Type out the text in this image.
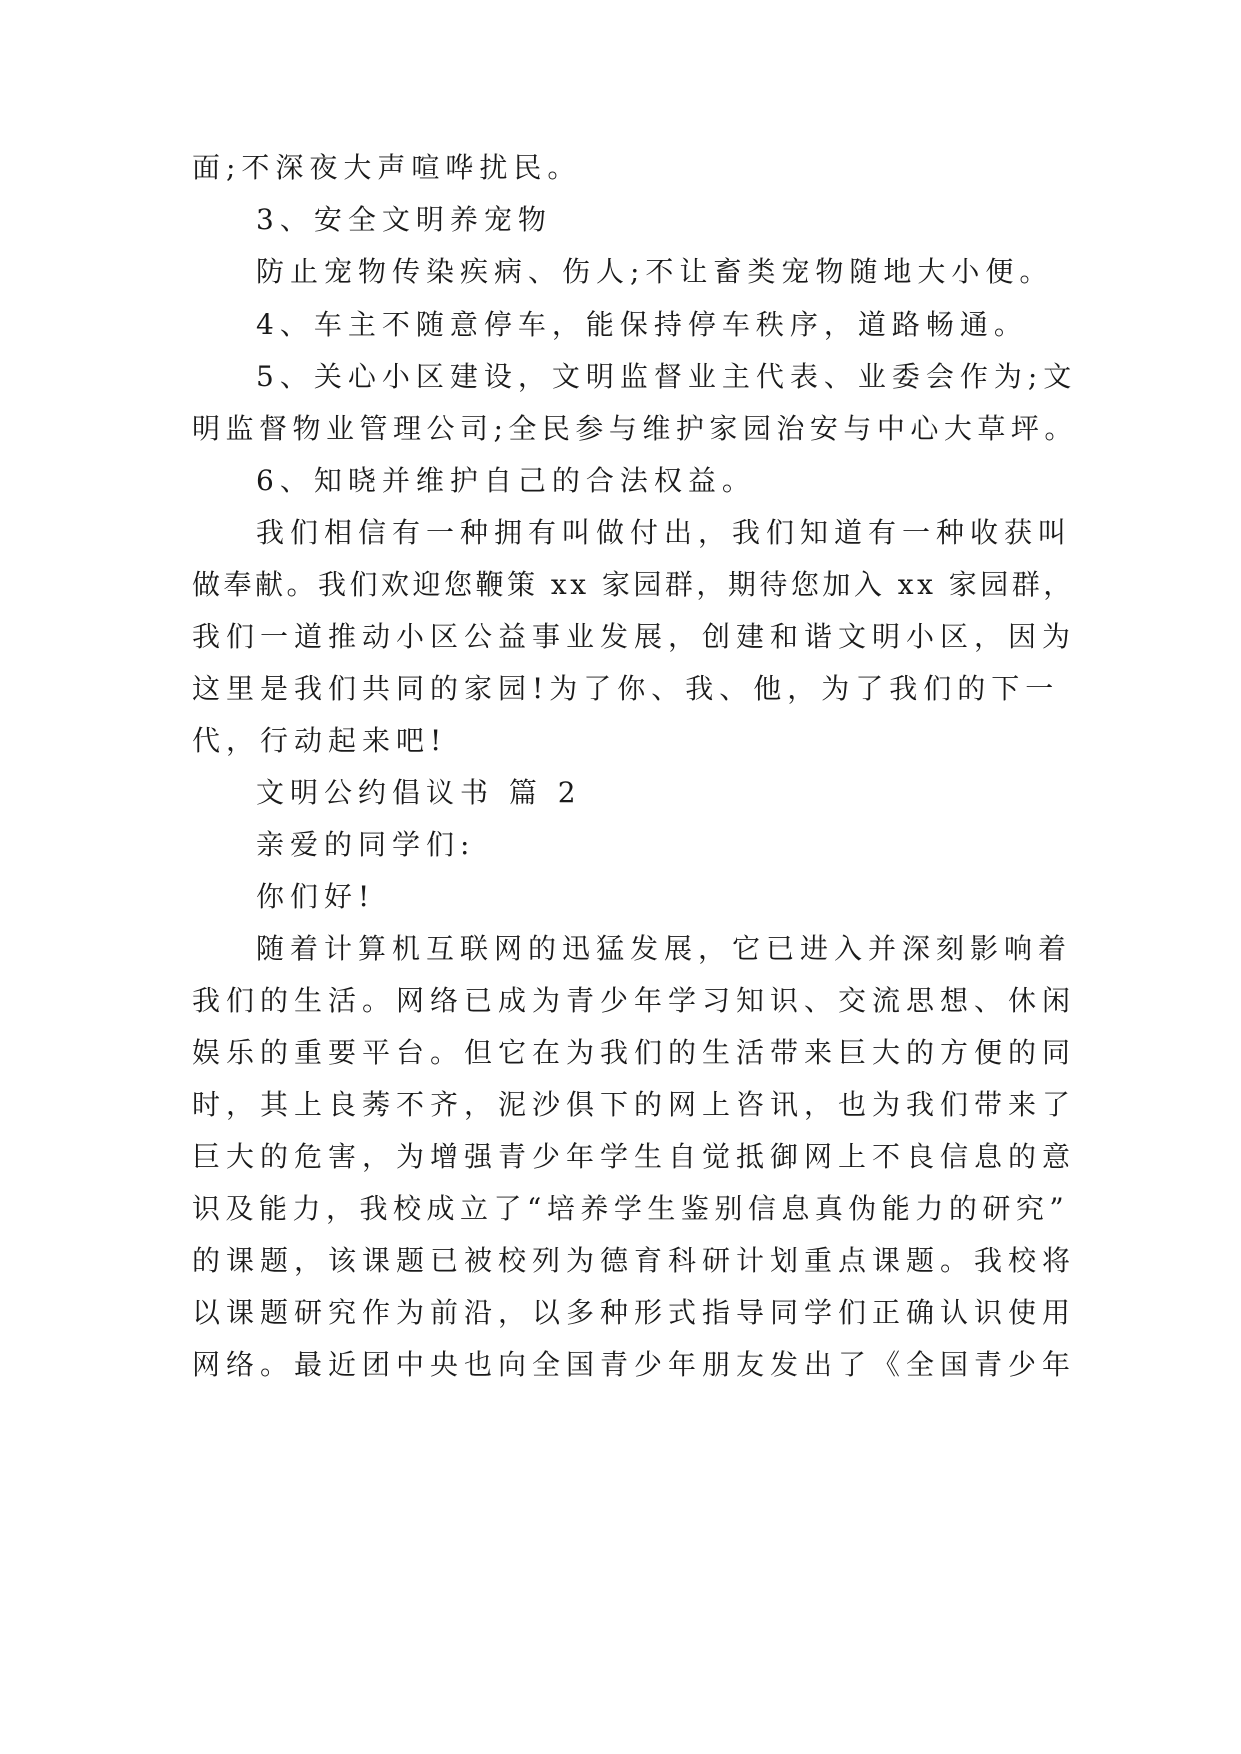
面;不深夜大声喧哗扰民。
3、安全文明养宠物
防止宠物传染疾病、伤人;不让畜类宠物随地大小便。
4、车主不随意停车，能保持停车秩序，道路畅通。
5、关心小区建设，文明监督业主代表、业委会作为;文
明监督物业管理公司;全民参与维护家园治安与中心大草坪。
6、知晓并维护自己的合法权益。
我们相信有一种拥有叫做付出，我们知道有一种收获叫
做奉献。我们欢迎您鞭策 xx 家园群，期待您加入 xx 家园群，
我们一道推动小区公益事业发展，创建和谐文明小区，因为
这里是我们共同的家园!为了你、我、他，为了我们的下一
代，行动起来吧!
文明公约倡议书 篇 2
亲爱的同学们:
你们好!
随着计算机互联网的迅猛发展，它已进入并深刻影响着
我们的生活。网络已成为青少年学习知识、交流思想、休闲
娱乐的重要平台。但它在为我们的生活带来巨大的方便的同
时，其上良莠不齐，泥沙俱下的网上咨讯，也为我们带来了
巨大的危害，为增强青少年学生自觉抵御网上不良信息的意
识及能力，我校成立了“培养学生鉴别信息真伪能力的研究”
的课题，该课题已被校列为德育科研计划重点课题。我校将
以课题研究作为前沿，以多种形式指导同学们正确认识使用
网络。最近团中央也向全国青少年朋友发出了《全国青少年
